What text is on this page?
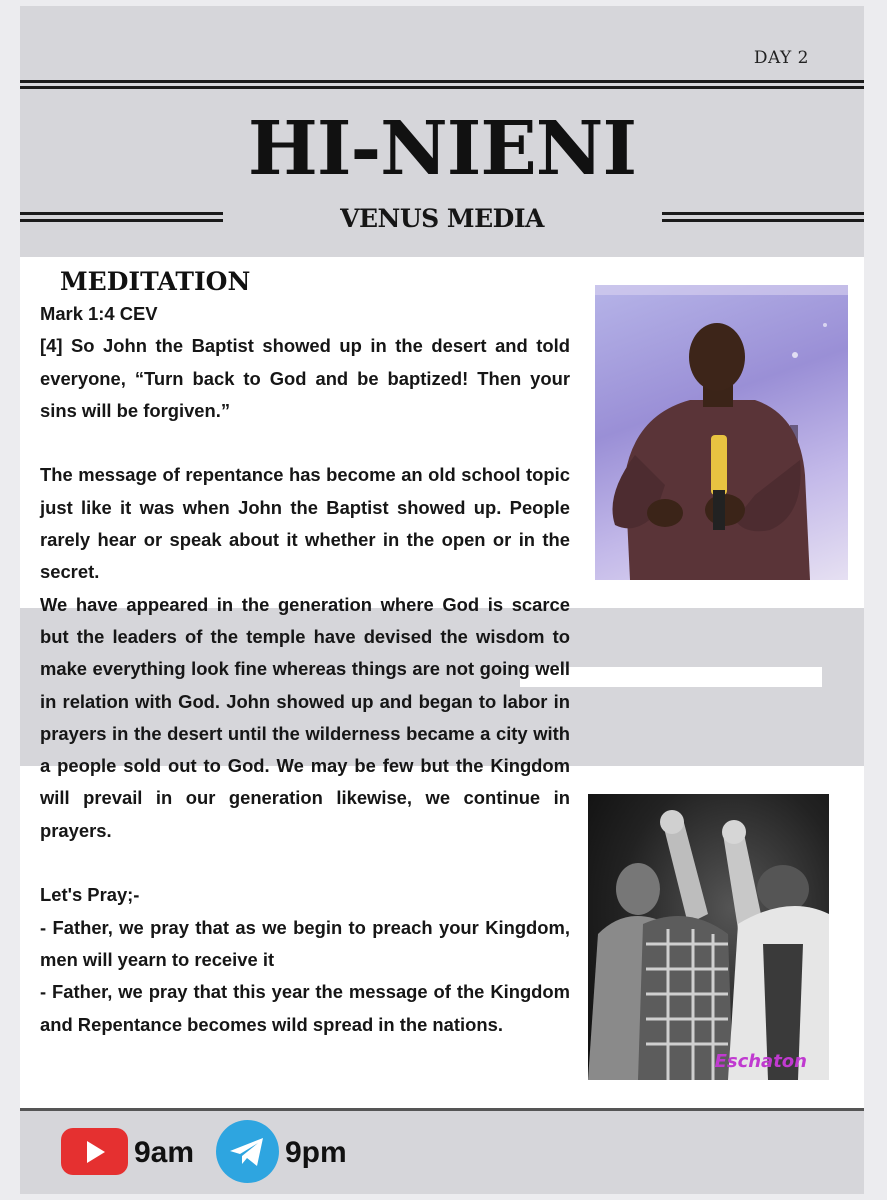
DAY 2
HI-NIENI
VENUS MEDIA
MEDITATION

Mark 1:4 CEV

[4] So John the Baptist showed up in the desert and told everyone, “Turn back to God and be baptized! Then your sins will be forgiven.”

The message of repentance has become an old school topic just like it was when John the Baptist showed up. People rarely hear or speak about it whether in the open or in the secret.

We have appeared in the generation where God is scarce but the leaders of the temple have devised the wisdom to make everything look fine whereas things are not going well in relation with God. John showed up and began to labor in prayers in the desert until the wilderness became a city with a people sold out to God. We may be few but the Kingdom will prevail in our generation likewise, we continue in prayers.

Let's Pray;-

- Father, we pray that as we begin to preach your Kingdom, men will yearn to receive it

- Father, we pray that this year the message of the Kingdom and Repentance becomes wild spread in the nations.

Eschaton
9am	9pm
